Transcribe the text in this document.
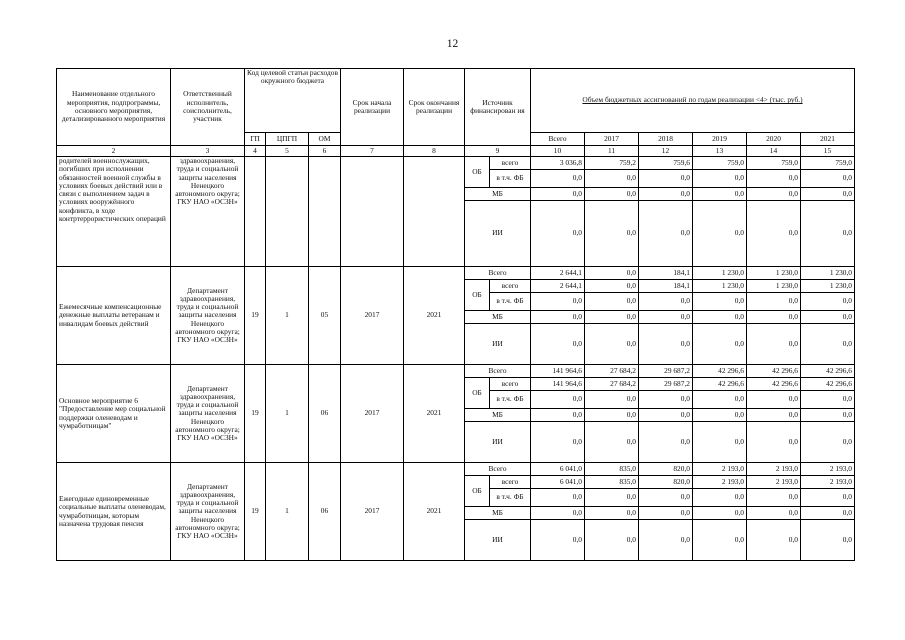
12
Наименование отдельного мероприятия, подпрограммы, основного мероприятия, детализированного мероприятия	Ответственный исполнитель, соисполнитель, участник	Код целевой статьи расходов окружного бюджета			Срок начала реализации	Срок окончания реализации	Источник финансирован ия		Объем бюджетных ассигнований по годам реализации <4> (тыс. руб.)					
		ГП	ЦПГП	ОМ					Всего	2017	2018	2019	2020	2021
2	3	4	5	6	7	8	9		10	11	12	13	14	15
родителей военнослужащих, погибших при исполнении обязанностей военной службы в условиях боевых действий или в связи с выполнением задач в условиях вооружённого конфликта, в ходе контртеррористических операций	здравоохранения, труда и социальной защиты населения Ненецкого автономного округа; ГКУ НАО «ОСЗН»						ОБ	всего	3 036,8	759,2	759,6	759,0	759,0	759,0
								в т.ч. ФБ	0,0	0,0	0,0	0,0	0,0	0,0
							МБ		0,0	0,0	0,0	0,0	0,0	0,0
							ИИ		0,0	0,0	0,0	0,0	0,0	0,0
Ежемесячные компенсационные денежные выплаты ветеранам и инвалидам боевых действий	Департамент здравоохранения, труда и социальной защиты населения Ненецкого автономного округа; ГКУ НАО «ОСЗН»	19	1	05	2017	2021	Всего		2 644,1	0,0	184,1	1 230,0	1 230,0	1 230,0
							ОБ	всего	2 644,1	0,0	184,1	1 230,0	1 230,0	1 230,0
								в т.ч. ФБ	0,0	0,0	0,0	0,0	0,0	0,0
							МБ		0,0	0,0	0,0	0,0	0,0	0,0
							ИИ		0,0	0,0	0,0	0,0	0,0	0,0
Основное мероприятие 6 "Предоставление мер социальной поддержки оленеводам и чумработницам"	Департамент здравоохранения, труда и социальной защиты населения Ненецкого автономного округа; ГКУ НАО «ОСЗН»	19	1	06	2017	2021	Всего		141 964,6	27 684,2	29 687,2	42 296,6	42 296,6	42 296,6
							ОБ	всего	141 964,6	27 684,2	29 687,2	42 296,6	42 296,6	42 296,6
								в т.ч. ФБ	0,0	0,0	0,0	0,0	0,0	0,0
							МБ		0,0	0,0	0,0	0,0	0,0	0,0
							ИИ		0,0	0,0	0,0	0,0	0,0	0,0
Ежегодные единовременные социальные выплаты оленеводам, чумработницам, которым назначена трудовая пенсия	Департамент здравоохранения, труда и социальной защиты населения Ненецкого автономного округа; ГКУ НАО «ОСЗН»	19	1	06	2017	2021	Всего		6 041,0	835,0	820,0	2 193,0	2 193,0	2 193,0
							ОБ	всего	6 041,0	835,0	820,0	2 193,0	2 193,0	2 193,0
								в т.ч. ФБ	0,0	0,0	0,0	0,0	0,0	0,0
							МБ		0,0	0,0	0,0	0,0	0,0	0,0
							ИИ		0,0	0,0	0,0	0,0	0,0	0,0
